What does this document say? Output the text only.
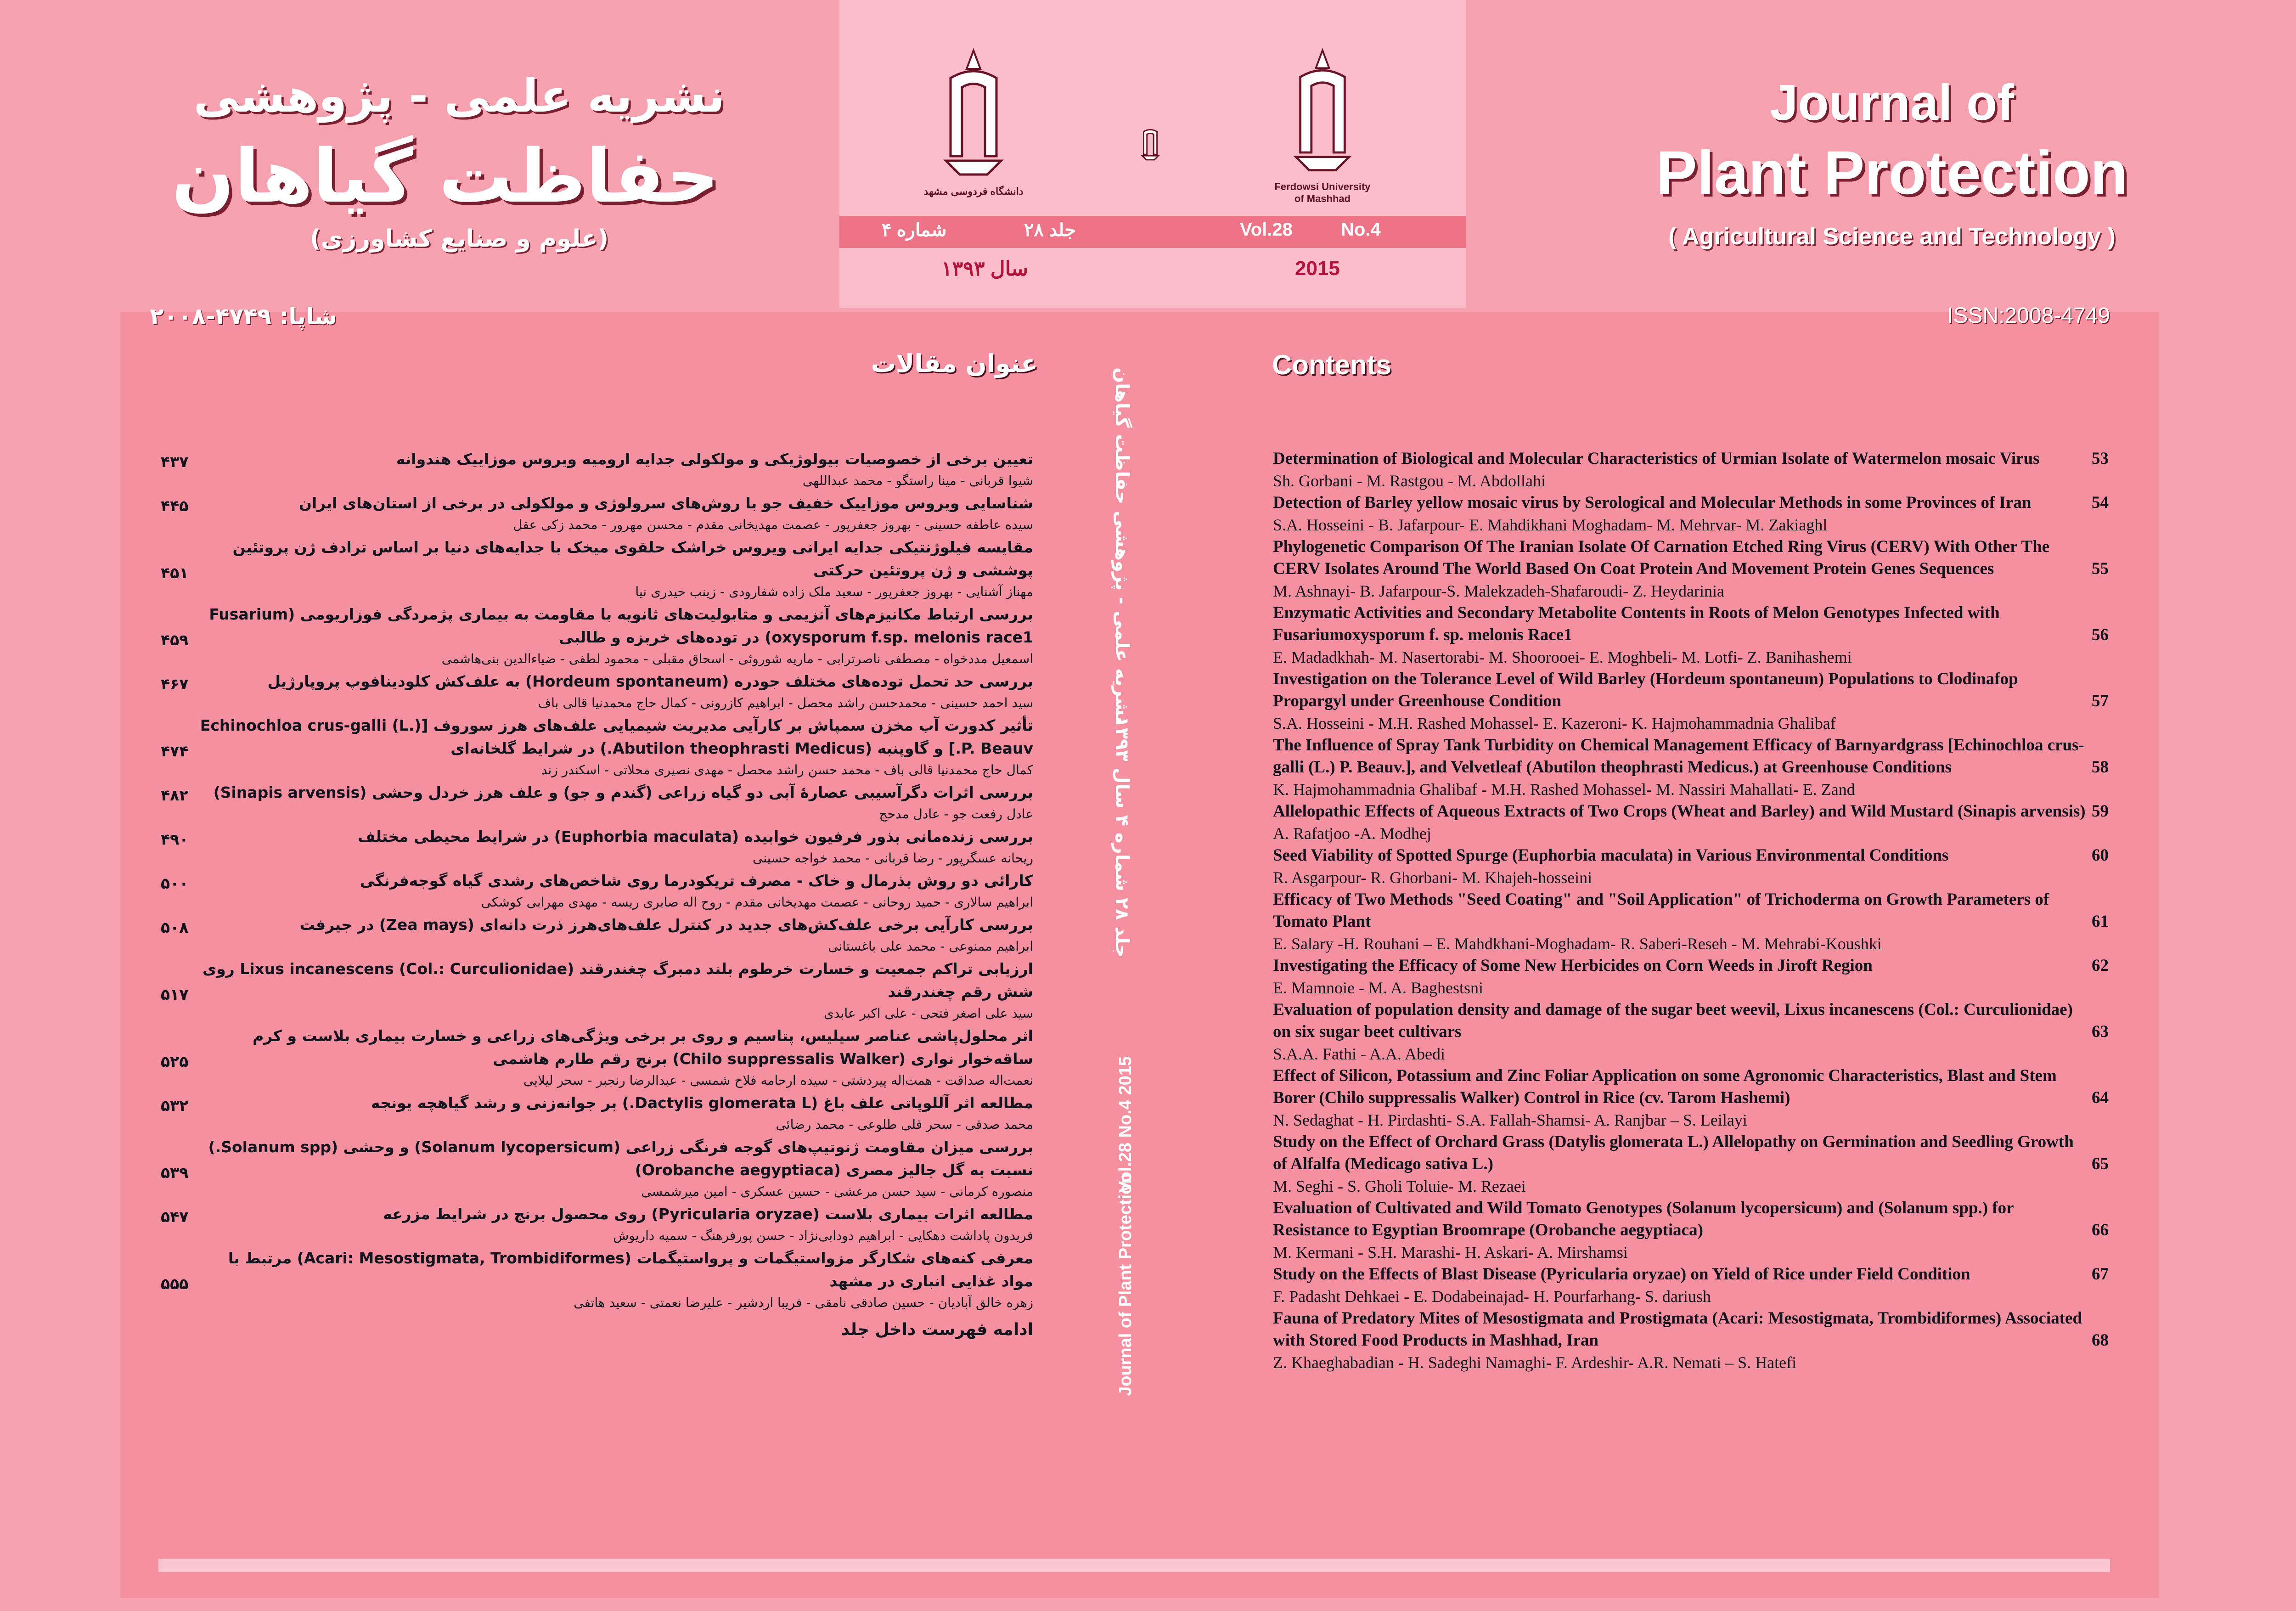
نشریه علمی - پژوهشی
حفاظت گیاهان
(علوم و صنایع کشاورزی)
Journal of
Plant Protection
( Agricultural Science and Technology )
ISSN:2008-4749
شاپا: ۴۷۴۹-۲۰۰۸
دانشگاه فردوسی مشهد	Ferdowsi University
of Mashhad
جلد ۲۸
شماره ۴	Vol.28	No.4
سال ۱۳۹۳	2015
Contents
عنوان مقالات
نشریه علمی - پژوهشی حفاظت گیاهان
جلد ۲۸ شماره ۴ سال ۱۳۹۳
Vol.28 No.4 2015
Journal of Plant Protection
Determination of Biological and Molecular Characteristics of Urmian Isolate of Watermelon mosaic Virus	53
Sh. Gorbani - M. Rastgou - M. Abdollahi
Detection of Barley yellow mosaic virus by Serological and Molecular Methods in some Provinces of Iran	54
S.A. Hosseini - B. Jafarpour- E. Mahdikhani Moghadam- M. Mehrvar- M. Zakiaghl
Phylogenetic Comparison Of The Iranian Isolate Of Carnation Etched Ring Virus (CERV) With Other The CERV Isolates Around The World Based On Coat Protein And Movement Protein Genes Sequences	55
M. Ashnayi- B. Jafarpour-S. Malekzadeh-Shafaroudi- Z. Heydarinia
Enzymatic Activities and Secondary Metabolite Contents in Roots of Melon Genotypes Infected with Fusariumoxysporum f. sp. melonis Race1	56
E. Madadkhah- M. Nasertorabi- M. Shoorooei- E. Moghbeli- M. Lotfi- Z. Banihashemi
Investigation on the Tolerance Level of Wild Barley (Hordeum spontaneum) Populations to Clodinafop Propargyl under Greenhouse Condition	57
S.A. Hosseini - M.H. Rashed Mohassel- E. Kazeroni- K. Hajmohammadnia Ghalibaf
The Influence of Spray Tank Turbidity on Chemical Management Efficacy of Barnyardgrass [Echinochloa crus-galli (L.) P. Beauv.], and Velvetleaf (Abutilon theophrasti Medicus.) at Greenhouse Conditions	58
K. Hajmohammadnia Ghalibaf - M.H. Rashed Mohassel- M. Nassiri Mahallati- E. Zand
Allelopathic Effects of Aqueous Extracts of Two Crops (Wheat and Barley) and Wild Mustard (Sinapis arvensis) 59
A. Rafatjoo -A. Modhej
Seed Viability of Spotted Spurge (Euphorbia maculata) in Various Environmental Conditions	60
R. Asgarpour- R. Ghorbani- M. Khajeh-hosseini
Efficacy of Two Methods "Seed Coating" and "Soil Application" of Trichoderma on Growth Parameters of Tomato Plant	61
E. Salary -H. Rouhani – E. Mahdkhani-Moghadam- R. Saberi-Reseh - M. Mehrabi-Koushki
Investigating the Efficacy of Some New Herbicides on Corn Weeds in Jiroft Region	62
E. Mamnoie - M. A. Baghestsni
Evaluation of population density and damage of the sugar beet weevil, Lixus incanescens (Col.: Curculionidae) on six sugar beet cultivars	63
S.A.A. Fathi - A.A. Abedi
Effect of Silicon, Potassium and Zinc Foliar Application on some Agronomic Characteristics, Blast and Stem Borer (Chilo suppressalis Walker) Control in Rice (cv. Tarom Hashemi)	64
N. Sedaghat - H. Pirdashti- S.A. Fallah-Shamsi- A. Ranjbar – S. Leilayi
Study on the Effect of Orchard Grass (Datylis glomerata L.) Allelopathy on Germination and Seedling Growth of Alfalfa (Medicago sativa L.)	65
M. Seghi - S. Gholi Toluie- M. Rezaei
Evaluation of Cultivated and Wild Tomato Genotypes (Solanum lycopersicum) and (Solanum spp.) for Resistance to Egyptian Broomrape (Orobanche aegyptiaca)	66
M. Kermani - S.H. Marashi- H. Askari- A. Mirshamsi
Study on the Effects of Blast Disease (Pyricularia oryzae) on Yield of Rice under Field Condition	67
F. Padasht Dehkaei - E. Dodabeinajad- H. Pourfarhang- S. dariush
Fauna of Predatory Mites of Mesostigmata and Prostigmata (Acari: Mesostigmata, Trombidiformes) Associated with Stored Food Products in Mashhad, Iran	68
Z. Khaeghabadian - H. Sadeghi Namaghi- F. Ardeshir- A.R. Nemati – S. Hatefi
تعیین برخی از خصوصیات بیولوژیکی و مولکولی جدایه ارومیه ویروس موزاییک هندوانه
۴۳۷
شیوا قربانی - مینا راستگو - محمد عبداللهی
شناسایی ویروس موزاییک خفیف جو با روش‌های سرولوژی و مولکولی در برخی از استان‌های ایران
۴۴۵
سیده عاطفه حسینی - بهروز جعفرپور - عصمت مهدیخانی مقدم - محسن مهرور - محمد زکی عقل
مقایسه فیلوژنتیکی جدایه ایرانی ویروس خراشک حلقوی میخک با جدایه‌های دنیا بر اساس ترادف ژن پروتئین پوششی و ژن پروتئین حرکتی
۴۵۱
مهناز آشنایی - بهروز جعفرپور - سعید ملک زاده شفارودی - زینب حیدری نیا
بررسی ارتباط مکانیزم‌های آنزیمی و متابولیت‌های ثانویه با مقاومت به بیماری پژمردگی فوزاریومی (Fusarium oxysporum f.sp. melonis race1) در توده‌های خربزه و طالبی
۴۵۹
اسمعیل مددخواه - مصطفی ناصرترابی - ماریه شوروئی - اسحاق مقبلی - محمود لطفی - ضیاءالدین بنی‌هاشمی
بررسی حد تحمل توده‌های مختلف جودره (Hordeum spontaneum) به علف‌کش کلودینافوپ پروپارژیل
۴۶۷
سید احمد حسینی - محمدحسن راشد محصل - ابراهیم کازرونی - کمال حاج محمدنیا قالی باف
تأثیر کدورت آب مخزن سمپاش بر کارآیی مدیریت شیمیایی علف‌های هرز سوروف [Echinochloa crus-galli (L.) P. Beauv.] و گاوپنبه (Abutilon theophrasti Medicus.) در شرایط گلخانه‌ای
۴۷۴
کمال حاج محمدنیا قالی باف - محمد حسن راشد محصل - مهدی نصیری محلاتی - اسکندر زند
بررسی اثرات دگرآسیبی عصارهٔ آبی دو گیاه زراعی (گندم و جو) و علف هرز خردل وحشی (Sinapis arvensis)
۴۸۲
عادل رفعت جو - عادل مدحج
بررسی زنده‌مانی بذور فرفیون خوابیده (Euphorbia maculata) در شرایط محیطی مختلف
۴۹۰
ریحانه عسگرپور - رضا قربانی - محمد خواجه حسینی
کارائی دو روش بذرمال و خاک - مصرف تریکودرما روی شاخص‌های رشدی گیاه گوجه‌فرنگی
۵۰۰
ابراهیم سالاری - حمید روحانی - عصمت مهدیخانی مقدم - روح اله صابری ریسه - مهدی مهرابی کوشکی
بررسی کارآیی برخی علف‌کش‌های جدید در کنترل علف‌های‌هرز ذرت دانه‌ای (Zea mays) در جیرفت
۵۰۸
ابراهیم ممنوعی - محمد علی باغستانی
ارزیابی تراکم جمعیت و خسارت خرطوم بلند دمبرگ چغندرقند Lixus incanescens (Col.: Curculionidae) روی شش رقم چغندرقند
۵۱۷
سید علی اصغر فتحی - علی اکبر عابدی
اثر محلول‌پاشی عناصر سیلیس، پتاسیم و روی بر برخی ویژگی‌های زراعی و خسارت بیماری بلاست و کرم ساقه‌خوار نواری (Chilo suppressalis Walker) برنج رقم طارم هاشمی
۵۲۵
نعمت‌اله صداقت - همت‌اله پیردشتی - سیده ارحامه فلاح شمسی - عبدالرضا رنجبر - سحر لیلایی
مطالعه اثر آللوپاتی علف باغ (Dactylis glomerata L.) بر جوانه‌زنی و رشد گیاهچه یونجه
۵۳۲
محمد صدقی - سحر قلی طلوعی - محمد رضائی
بررسی میزان مقاومت ژنوتیپ‌های گوجه فرنگی زراعی (Solanum lycopersicum) و وحشی (Solanum spp.) نسبت به گل جالیز مصری (Orobanche aegyptiaca)
۵۳۹
منصوره کرمانی - سید حسن مرعشی - حسین عسکری - امین میرشمسی
مطالعه اثرات بیماری بلاست (Pyricularia oryzae) روی محصول برنج در شرایط مزرعه
۵۴۷
فریدون پاداشت دهکایی - ابراهیم دودابی‌نژاد - حسن پورفرهنگ - سمیه داریوش
معرفی کنه‌های شکارگر مزواستیگمات و پرواستیگمات (Acari: Mesostigmata, Trombidiformes) مرتبط با مواد غذایی انباری در مشهد
۵۵۵
زهره خالق آبادیان - حسین صادقی نامقی - فریبا اردشیر - علیرضا نعمتی - سعید هاتفی
ادامه فهرست داخل جلد
